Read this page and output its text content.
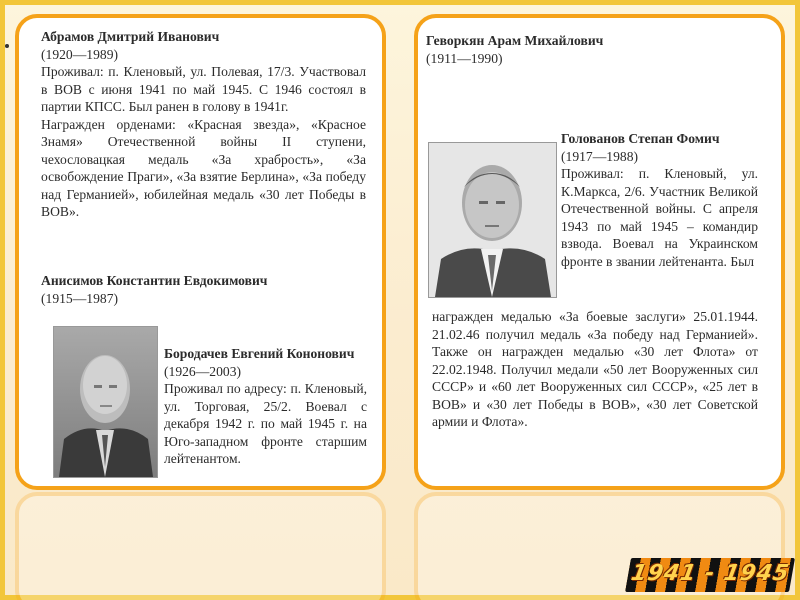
Абрамов Дмитрий Иванович
(1920—1989)
Проживал: п. Кленовый, ул. Полевая, 17/3. Участвовал в ВОВ с июня 1941 по май 1945. С 1946 состоял в партии КПСС. Был ранен в голову в 1941г.
Награжден орденами: «Красная звезда», «Красное Знамя» Отечественной войны II ступени, чехословацкая медаль «За храбрость», «За освобождение Праги», «За взятие Берлина», «За победу над Германией», юбилейная медаль «30 лет Победы в ВОВ».
Анисимов Константин Евдокимович
(1915—1987)
Бородачев Евгений Кононович
(1926—2003)
Проживал по адресу: п. Кленовый, ул. Торговая, 25/2. Воевал с декабря 1942 г. по май 1945 г. на Юго-западном фронте старшим лейтенантом.
Геворкян Арам Михайлович
(1911—1990)
Голованов Степан Фомич
(1917—1988)
Проживал: п. Кленовый, ул. К.Маркса, 2/6. Участник Великой Отечественной войны. С апреля 1943 по май 1945 – командир взвода. Воевал на Украинском фронте в звании лейтенанта. Был
награжден медалью «За боевые заслуги» 25.01.1944. 21.02.46 получил медаль «За победу над Германией». Также он награжден медалью «30 лет Флота» от 22.02.1948. Получил медали «50 лет Вооруженных сил СССР» и «60 лет Вооруженных сил СССР», «25 лет в ВОВ» и «30 лет Победы в ВОВ», «30 лет Советской армии и Флота».
1941 - 1945
